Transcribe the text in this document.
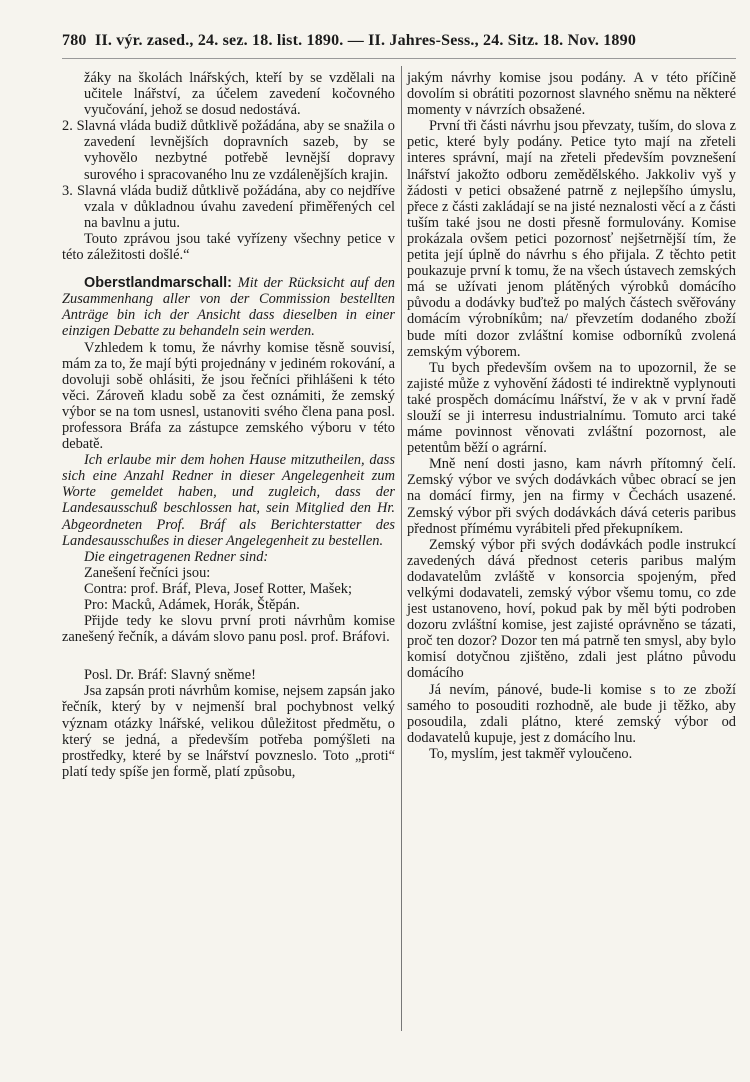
780 II. výr. zased., 24. sez. 18. list. 1890. — II. Jahres-Sess., 24. Sitz. 18. Nov. 1890

žáky na školách lnářských, kteří by se vzdělali na učitele lnářství, za účelem zavedení kočovného vyučování, jehož se dosud nedostává.

2. Slavná vláda budiž důtklivě požádána, aby se snažila o zavedení levnějších dopravních sazeb, by se vyhovělo nezbytné potřebě levnější dopravy surového i spracovaného lnu ze vzdálenějších krajin.

3. Slavná vláda budiž důtklivě požádána, aby co nejdříve vzala v důkladnou úvahu zavedení přiměřených cel na bavlnu a jutu.

Touto zprávou jsou také vyřízeny všechny petice v této záležitosti došlé.“

Oberstlandmarschall: Mit der Rücksicht auf den Zusammenhang aller von der Commission bestellten Anträge bin ich der Ansicht dass dieselben in einer einzigen Debatte zu behandeln sein werden.

Vzhledem k tomu, že návrhy komise těsně souvisí, mám za to, že mají býti projednány v jediném rokování, a dovoluji sobě ohlásiti, že jsou řečníci přihlášeni k této věci. Zároveň kladu sobě za čest oznámiti, že zemský výbor se na tom usnesl, ustanoviti svého člena pana posl. professora Bráfa za zástupce zemského výboru v této debatě.

Ich erlaube mir dem hohen Hause mitzutheilen, dass sich eine Anzahl Redner in dieser Angelegenheit zum Worte gemeldet haben, und zugleich, dass der Landesausschuß beschlossen hat, sein Mitglied den Hr. Abgeordneten Prof. Bráf als Berichterstatter des Landesausschußes in dieser Angelegenheit zu bestellen.

Die eingetragenen Redner sind:

Zanešení řečníci jsou:

Contra: prof. Bráf, Pleva, Josef Rotter, Mašek;

Pro: Macků, Adámek, Horák, Štěpán.

Přijde tedy ke slovu první proti návrhům komise zanešený řečník, a dávám slovo panu posl. prof. Bráfovi.

Posl. Dr. Bráf: Slavný sněme!

Jsa zapsán proti návrhům komise, nejsem zapsán jako řečník, který by v nejmenší bral pochybnost velký význam otázky lnářské, velikou důležitost předmětu, o který se jedná, a především potřeba pomýšleti na prostředky, které by se lnářství povzneslo. Toto „proti“ platí tedy spíše jen formě, platí způsobu,

jakým návrhy komise jsou podány. A v této příčině dovolím si obrátiti pozornost slavného sněmu na některé momenty v návrzích obsažené.

První tři části návrhu jsou převzaty, tuším, do slova z petic, které byly podány. Petice tyto mají na zřeteli interes správní, mají na zřeteli především povznešení lnářství jakožto odboru zemědělského. Jakkoliv vyš y žádosti v petici obsažené patrně z nejlepšího úmyslu, přece z části zakládají se na jisté neznalosti věcí a z části tuším také jsou ne dosti přesně formulovány. Komise prokázala ovšem petici pozornosť nejšetrnější tím, že petita její úplně do návrhu s ého přijala. Z těchto petit poukazuje první k tomu, že na všech ústavech zemských má se užívati jenom plátěných výrobků domácího původu a dodávky buďtež po malých částech svěřovány domácím výrobníkům; na/ převzetím dodaného zboží bude míti dozor zvláštní komise odborníků zvolená zemským výborem.

Tu bych především ovšem na to upozornil, že se zajisté může z vyhovění žádosti té indirektně vyplynouti také prospěch domácímu lnářství, že v ak v první řadě slouží se ji interresu industrialnímu. Tomuto arci také máme povinnost věnovati zvláštní pozornost, ale petentům běží o agrární.

Mně není dosti jasno, kam návrh přítomný čelí. Zemský výbor ve svých dodávkách vůbec obrací se jen na domácí firmy, jen na firmy v Čechách usazené. Zemský výbor při svých dodávkách dává ceteris paribus přednost přímému vyrábiteli před překupníkem.

Zemský výbor při svých dodávkách podle instrukcí zavedených dává přednost ceteris paribus malým dodavatelům zvláště v konsorcia spojeným, před velkými dodavateli, zemský výbor všemu tomu, co zde jest ustanoveno, hoví, pokud pak by měl býti podroben dozoru zvláštní komise, jest zajisté oprávněno se tázati, proč ten dozor? Dozor ten má patrně ten smysl, aby bylo komisí dotyčnou zjištěno, zdali jest plátno původu domácího

Já nevím, pánové, bude-li komise s to ze zboží samého to posouditi rozhodně, ale bude ji těžko, aby posoudila, zdali plátno, které zemský výbor od dodavatelů kupuje, jest z domácího lnu.

To, myslím, jest takměř vyloučeno.
